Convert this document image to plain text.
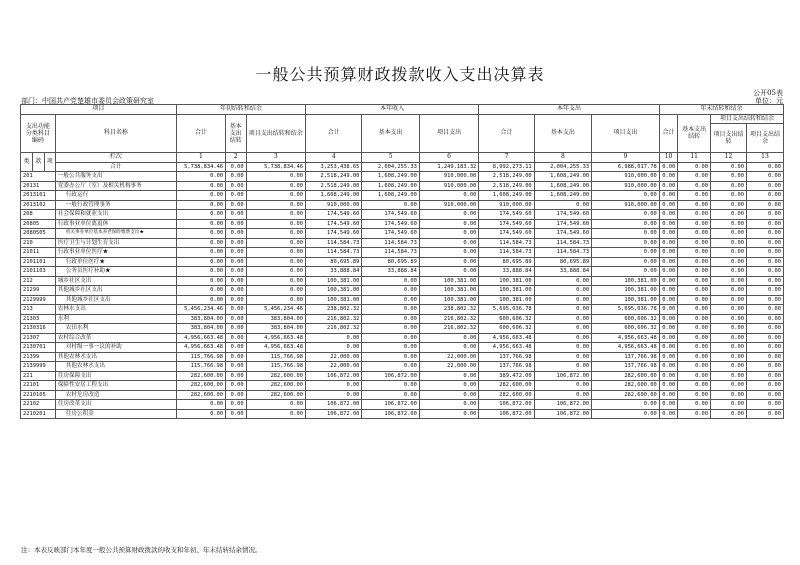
一般公共预算财政拨款收入支出决算表
公开05表
部门：中国共产党楚雄市委员会政策研究室	单位：元
项目				年初结转和结余			本年收入			本年支出			年末结转和结余			
支出功能分类科目编码			科目名称	合计	基本支出结转	项目支出结转和结余	合计	基本支出	项目支出	合计	基本支出	项目支出	合计	基本支出结转	项目支出结转和结余	
															项目支出结转	项目支出结余
类	款	项	栏次	1	2	3	4	5	6	7	8	9	10	11	12	13
			合计	5,738,834.46	0.00	5,738,834.46	3,253,438.65	2,004,255.33	1,249,183.32	8,992,273.11	2,004,255.33	6,988,017.78	0.00	0.00	0.00	0.00
201			一般公共服务支出	0.00	0.00	0.00	2,518,249.00	1,608,249.00	910,000.00	2,518,249.00	1,608,249.00	910,000.00	0.00	0.00	0.00	0.00
20131			党委办公厅（室）及相关机构事务	0.00	0.00	0.00	2,518,249.00	1,608,249.00	910,000.00	2,518,249.00	1,608,249.00	910,000.00	0.00	0.00	0.00	0.00
2013101			行政运行	0.00	0.00	0.00	1,608,249.00	1,608,249.00	0.00	1,608,249.00	1,608,249.00	0.00	0.00	0.00	0.00	0.00
2013102			一般行政管理事务	0.00	0.00	0.00	910,000.00	0.00	910,000.00	910,000.00	0.00	910,000.00	0.00	0.00	0.00	0.00
208			社会保障和就业支出	0.00	0.00	0.00	174,549.60	174,549.60	0.00	174,549.60	174,549.60	0.00	0.00	0.00	0.00	0.00
20805			行政事业单位离退休	0.00	0.00	0.00	174,549.60	174,549.60	0.00	174,549.60	174,549.60	0.00	0.00	0.00	0.00	0.00
2080505			机关事业单位基本养老保险缴费支出★	0.00	0.00	0.00	174,549.60	174,549.60	0.00	174,549.60	174,549.60	0.00	0.00	0.00	0.00	0.00
210			医疗卫生与计划生育支出	0.00	0.00	0.00	114,584.73	114,584.73	0.00	114,584.73	114,584.73	0.00	0.00	0.00	0.00	0.00
21011			行政事业单位医疗★	0.00	0.00	0.00	114,584.73	114,584.73	0.00	114,584.73	114,584.73	0.00	0.00	0.00	0.00	0.00
2101101			行政单位医疗★	0.00	0.00	0.00	80,695.89	80,695.89	0.00	80,695.89	80,695.89	0.00	0.00	0.00	0.00	0.00
2101103			公务员医疗补助★	0.00	0.00	0.00	33,888.84	33,888.84	0.00	33,888.84	33,888.84	0.00	0.00	0.00	0.00	0.00
212			城乡社区支出	0.00	0.00	0.00	100,381.00	0.00	100,381.00	100,381.00	0.00	100,381.00	0.00	0.00	0.00	0.00
21299			其他城乡社区支出	0.00	0.00	0.00	100,381.00	0.00	100,381.00	100,381.00	0.00	100,381.00	0.00	0.00	0.00	0.00
2129999			其他城乡社区支出	0.00	0.00	0.00	100,381.00	0.00	100,381.00	100,381.00	0.00	100,381.00	0.00	0.00	0.00	0.00
213			农林水支出	5,456,234.46	0.00	5,456,234.46	238,802.32	0.00	238,802.32	5,695,036.78	0.00	5,695,036.78	0.00	0.00	0.00	0.00
21303			水利	383,804.00	0.00	383,804.00	216,802.32	0.00	216,802.32	600,606.32	0.00	600,606.32	0.00	0.00	0.00	0.00
2130316			农田水利	383,804.00	0.00	383,804.00	216,802.32	0.00	216,802.32	600,606.32	0.00	600,606.32	0.00	0.00	0.00	0.00
21307			农村综合改革	4,956,663.48	0.00	4,956,663.48	0.00	0.00	0.00	4,956,663.48	0.00	4,956,663.48	0.00	0.00	0.00	0.00
2130701			对村级一事一议的补助	4,956,663.48	0.00	4,956,663.48	0.00	0.00	0.00	4,956,663.48	0.00	4,956,663.48	0.00	0.00	0.00	0.00
21399			其他农林水支出	115,766.98	0.00	115,766.98	22,000.00	0.00	22,000.00	137,766.98	0.00	137,766.98	0.00	0.00	0.00	0.00
2139999			其他农林水支出	115,766.98	0.00	115,766.98	22,000.00	0.00	22,000.00	137,766.98	0.00	137,766.98	0.00	0.00	0.00	0.00
221			住房保障支出	282,600.00	0.00	282,600.00	106,872.00	106,872.00	0.00	389,472.00	106,872.00	282,600.00	0.00	0.00	0.00	0.00
22101			保障性安居工程支出	282,600.00	0.00	282,600.00	0.00	0.00	0.00	282,600.00	0.00	282,600.00	0.00	0.00	0.00	0.00
2210105			农村危房改造	282,600.00	0.00	282,600.00	0.00	0.00	0.00	282,600.00	0.00	282,600.00	0.00	0.00	0.00	0.00
22102			住房改革支出	0.00	0.00	0.00	106,872.00	106,872.00	0.00	106,872.00	106,872.00	0.00	0.00	0.00	0.00	0.00
2210201			住房公积金	0.00	0.00	0.00	106,872.00	106,872.00	0.00	106,872.00	106,872.00	0.00	0.00	0.00	0.00	0.00
注：本表反映部门本年度一般公共预算财政拨款的收支和年初、年末结转结余情况。
